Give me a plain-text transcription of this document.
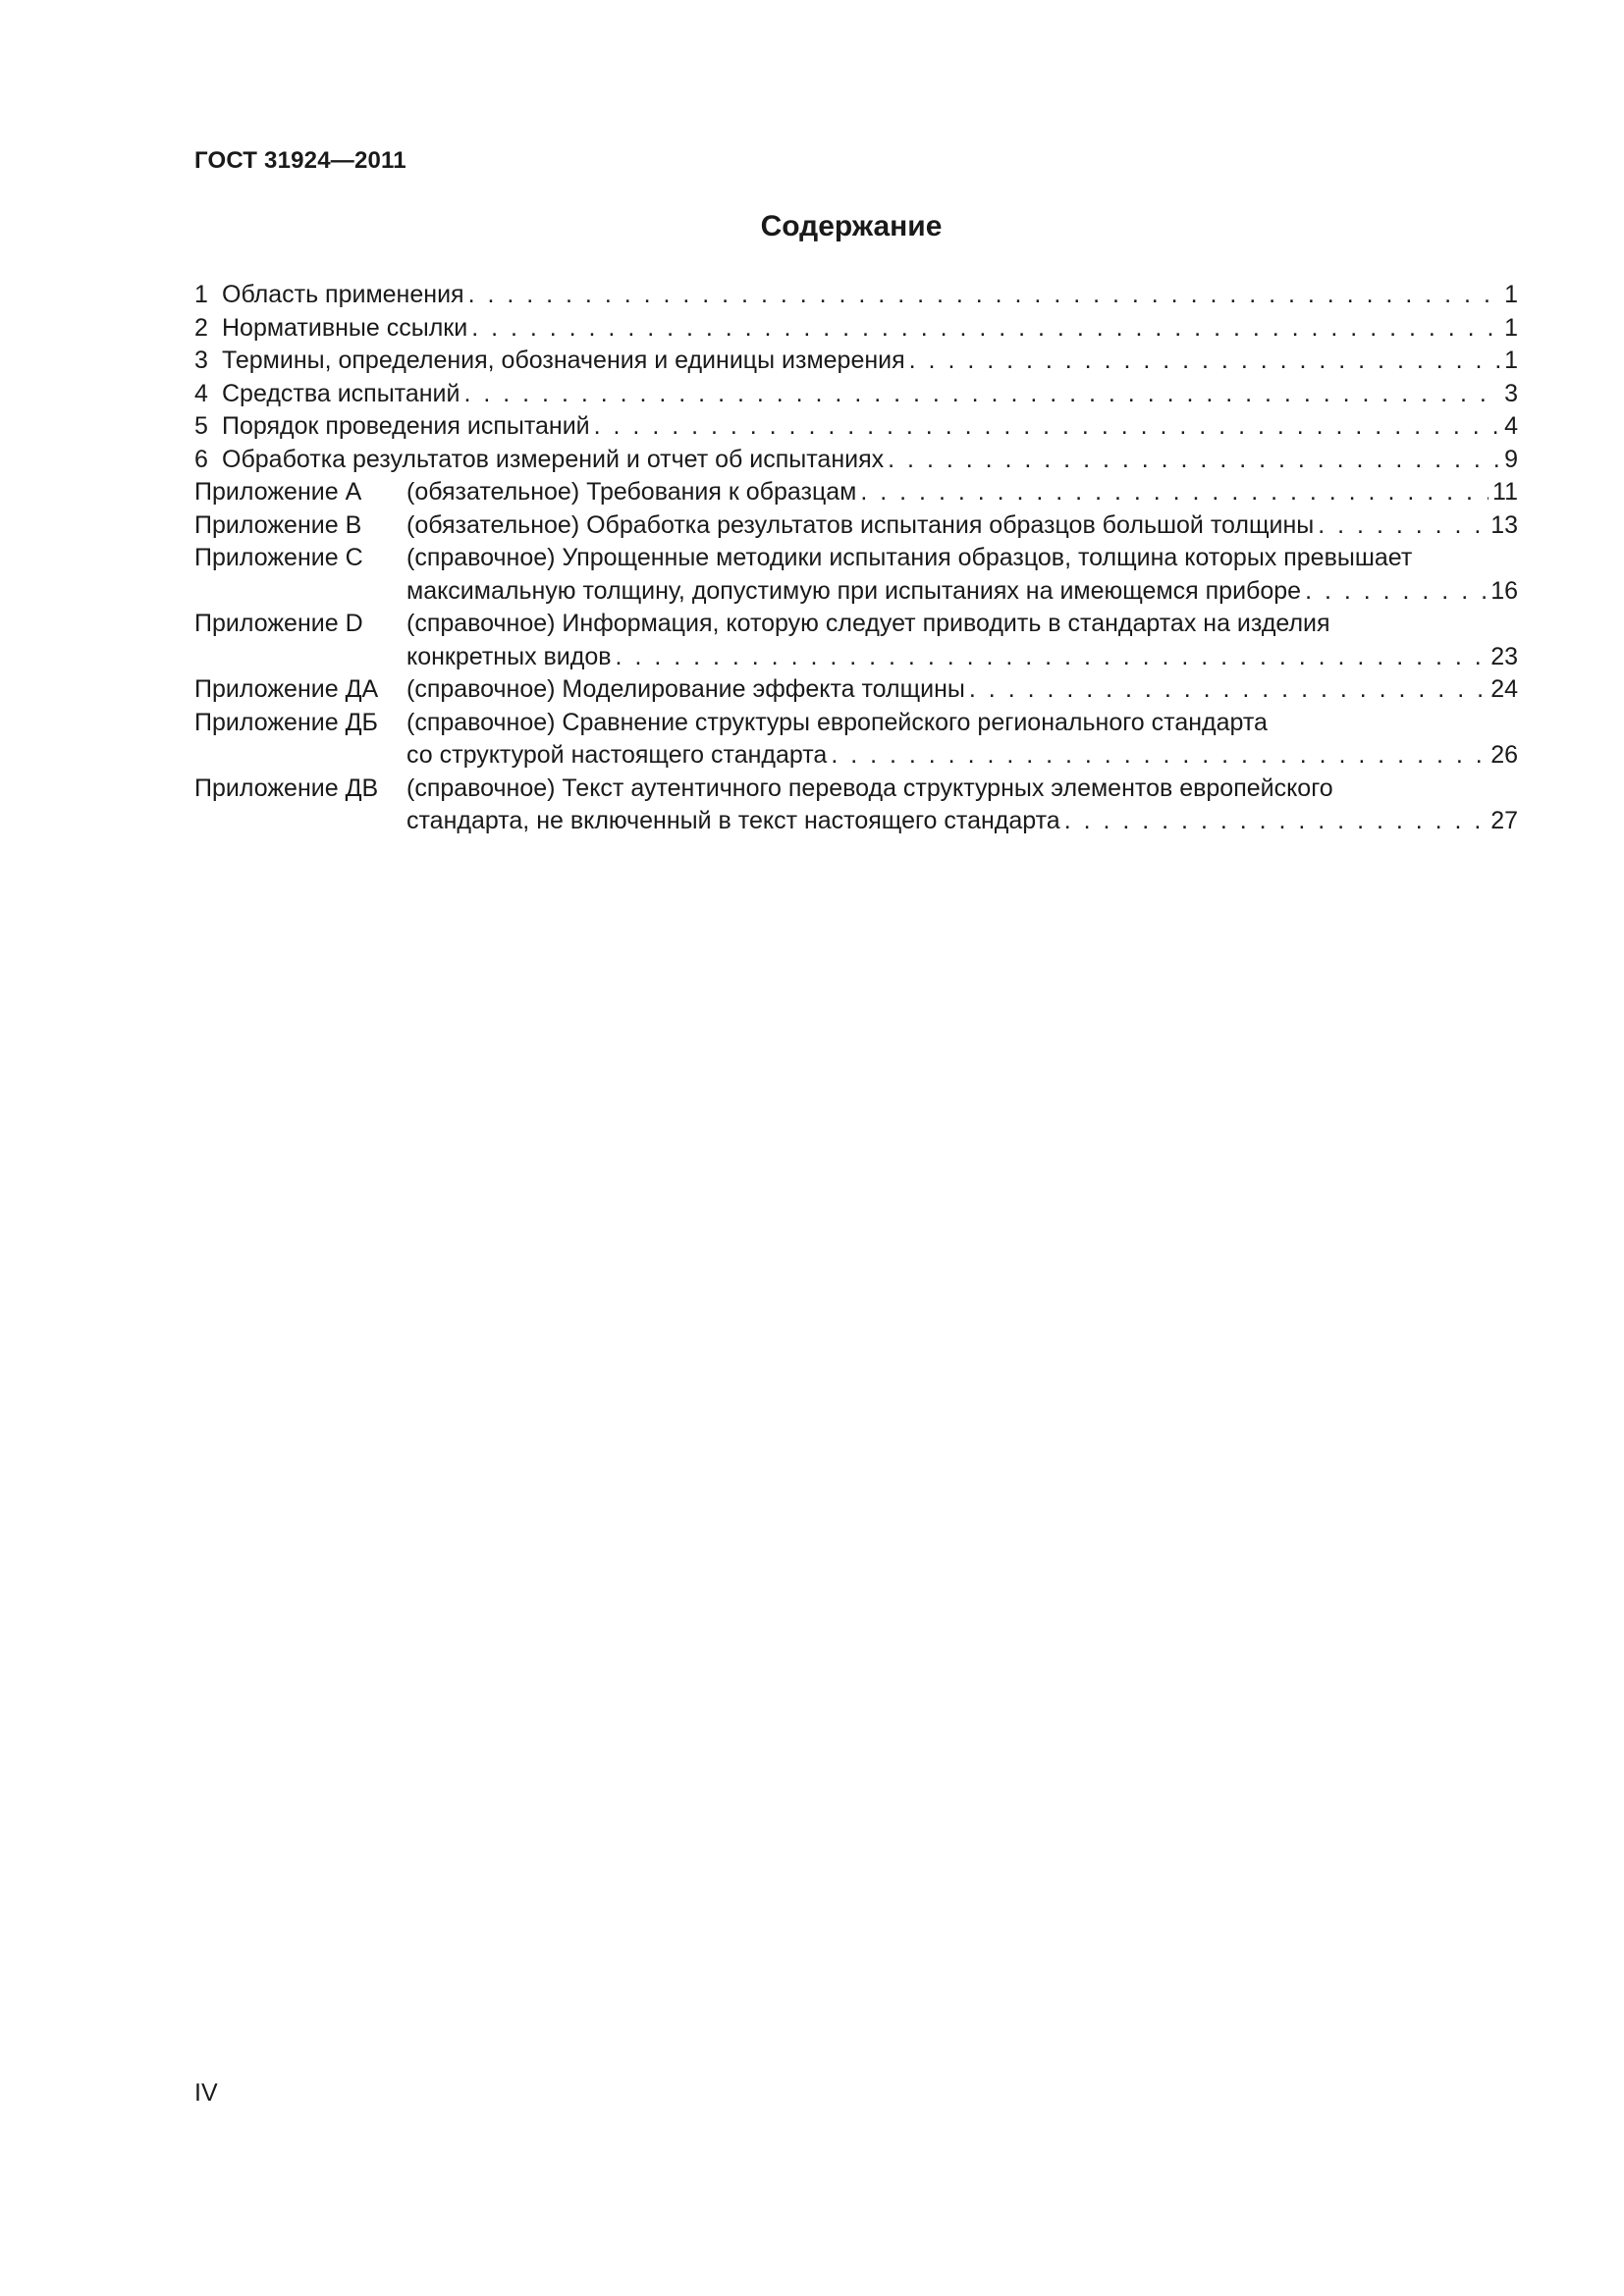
ГОСТ 31924—2011
Содержание
1 Область применения . . .	1
2 Нормативные ссылки . . .	1
3 Термины, определения, обозначения и единицы измерения . . .	1
4 Средства испытаний . . .	3
5 Порядок проведения испытаний . . .	4
6 Обработка результатов измерений и отчет об испытаниях . . .	9
Приложение А	(обязательное) Требования к образцам . . .	11
Приложение В	(обязательное) Обработка результатов испытания образцов большой толщины . . .	13
Приложение С	(справочное) Упрощенные методики испытания образцов, толщина которых превышает
максимальную толщину, допустимую при испытаниях на имеющемся приборе . . .	16
Приложение D	(справочное) Информация, которую следует приводить в стандартах на изделия
конкретных видов . . .	23
Приложение ДА	(справочное) Моделирование эффекта толщины . . .	24
Приложение ДБ	(справочное) Сравнение структуры европейского регионального стандарта
со структурой настоящего стандарта . . .	26
Приложение ДВ	(справочное) Текст аутентичного перевода структурных элементов европейского
стандарта, не включенный в текст настоящего стандарта . . .	27
IV
